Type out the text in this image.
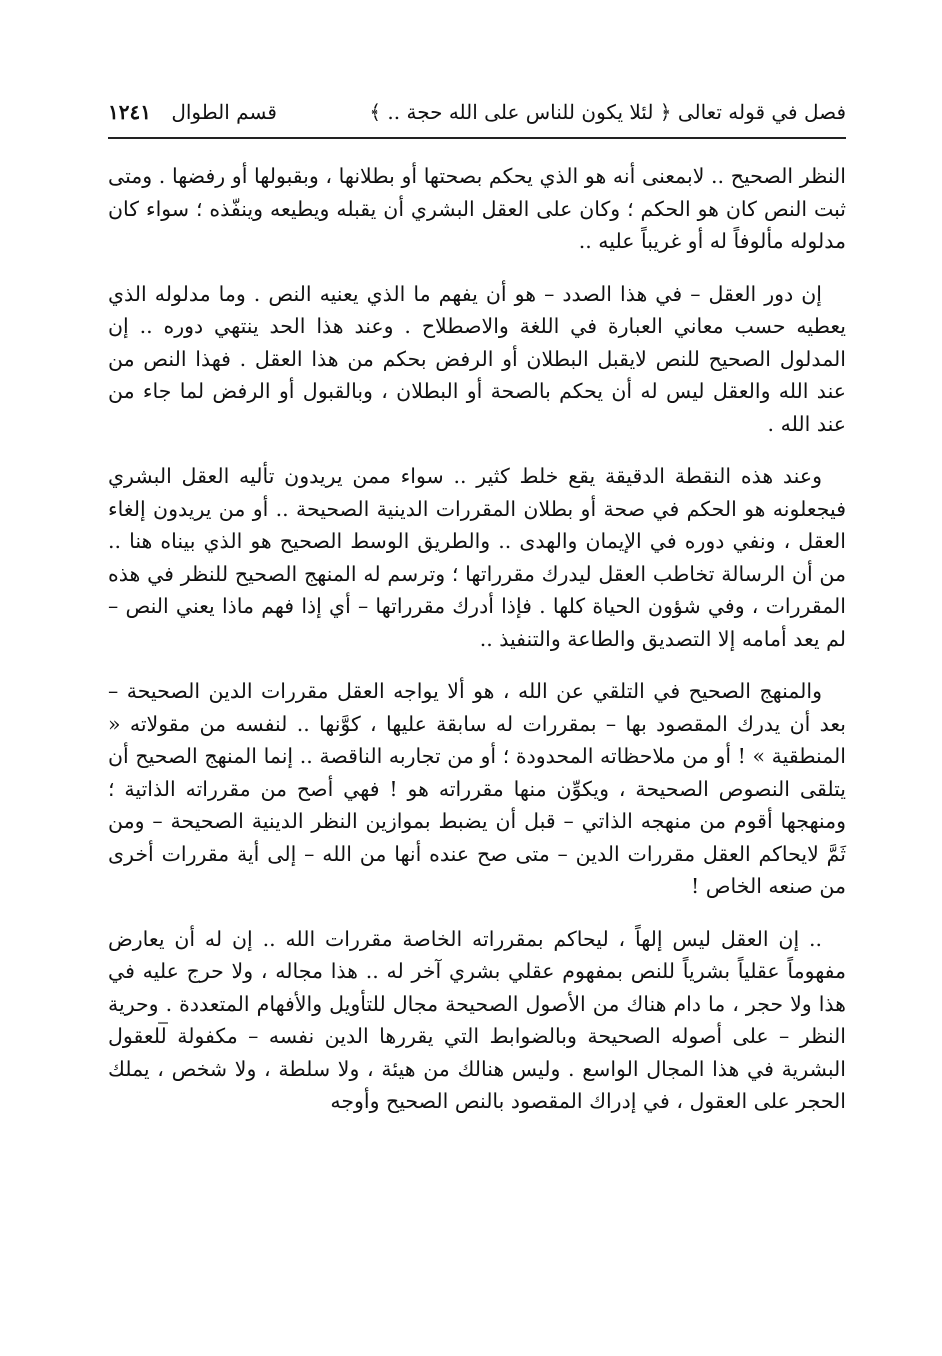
فصل في قوله تعالى ﴿ لئلا يكون للناس على الله حجة .. ﴾
قسم الطوال ١٢٤١

النظر الصحيح .. لابمعنى أنه هو الذي يحكم بصحتها أو بطلانها ، وبقبولها أو رفضها . ومتى ثبت النص كان هو الحكم ؛ وكان على العقل البشري أن يقبله ويطيعه وينفّذه ؛ سواء كان مدلوله مألوفاً له أو غريباً عليه ..

إن دور العقل – في هذا الصدد – هو أن يفهم ما الذي يعنيه النص . وما مدلوله الذي يعطيه حسب معاني العبارة في اللغة والاصطلاح . وعند هذا الحد ينتهي دوره .. إن المدلول الصحيح للنص لايقبل البطلان أو الرفض بحكم من هذا العقل . فهذا النص من عند الله والعقل ليس له أن يحكم بالصحة أو البطلان ، وبالقبول أو الرفض لما جاء من عند الله .

وعند هذه النقطة الدقيقة يقع خلط كثير .. سواء ممن يريدون تأليه العقل البشري فيجعلونه هو الحكم في صحة أو بطلان المقررات الدينية الصحيحة .. أو من يريدون إلغاء العقل ، ونفي دوره في الإيمان والهدى .. والطريق الوسط الصحيح هو الذي بيناه هنا .. من أن الرسالة تخاطب العقل ليدرك مقرراتها ؛ وترسم له المنهج الصحيح للنظر في هذه المقررات ، وفي شؤون الحياة كلها . فإذا أدرك مقرراتها – أي إذا فهم ماذا يعني النص – لم يعد أمامه إلا التصديق والطاعة والتنفيذ ..

والمنهج الصحيح في التلقي عن الله ، هو ألا يواجه العقل مقررات الدين الصحيحة – بعد أن يدرك المقصود بها – بمقررات له سابقة عليها ، كوَّنها .. لنفسه من مقولاته « المنطقية » ! أو من ملاحظاته المحدودة ؛ أو من تجاربه الناقصة .. إنما المنهج الصحيح أن يتلقى النصوص الصحيحة ، ويكوِّن منها مقرراته هو ! فهي أصح من مقرراته الذاتية ؛ ومنهجها أقوم من منهجه الذاتي – قبل أن يضبط بموازين النظر الدينية الصحيحة – ومن ثَمَّ لايحاكم العقل مقررات الدين – متى صح عنده أنها من الله – إلى أية مقررات أخرى من صنعه الخاص !

.. إن العقل ليس إلهاً ، ليحاكم بمقرراته الخاصة مقررات الله .. إن له أن يعارض مفهوماً عقلياً بشرياً للنص بمفهوم عقلي بشري آخر له .. هذا مجاله ، ولا حرج عليه في هذا ولا حجر ، ما دام هناك من الأصول الصحيحة مجال للتأويل والأفهام المتعددة . وحرية النظر – على أصوله الصحيحة وبالضوابط التي يقررها الدين نفسه – مكفولة للعقول البشرية في هذا المجال الواسع . وليس هنالك من هيئة ، ولا سلطة ، ولا شخص ، يملك الحجر على العقول ، في إدراك المقصود بالنص الصحيح وأوجه
